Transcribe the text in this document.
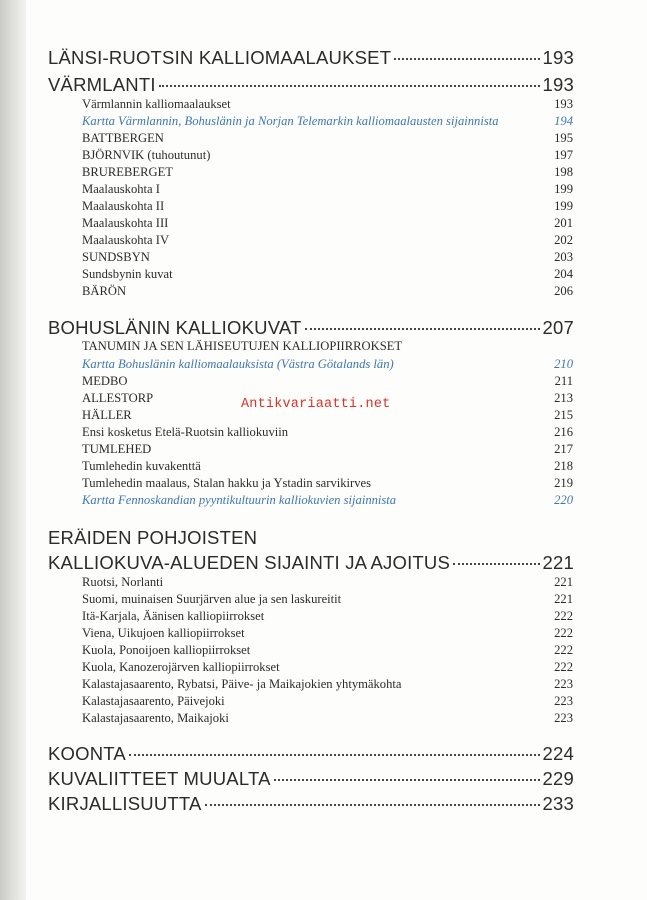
LÄNSI-RUOTSIN KALLIOMAALAUKSET	193
VÄRMLANTI	193
Värmlannin kalliomaalaukset	193
Kartta Värmlannin, Bohuslänin ja Norjan Telemarkin kalliomaalausten sijainnista	194
BATTBERGEN	195
BJÖRNVIK (tuhoutunut)	197
BRUREBERGET	198
Maalauskohta I	199
Maalauskohta II	199
Maalauskohta III	201
Maalauskohta IV	202
SUNDSBYN	203
Sundsbynin kuvat	204
BÄRÖN	206
BOHUSLÄNIN KALLIOKUVAT	207
TANUMIN JA SEN LÄHISEUTUJEN KALLIOPIIRROKSET
Kartta Bohuslänin kalliomaalauksista (Västra Götalands län)	210
MEDBO	211
ALLESTORP	213
HÄLLER	215
Ensi kosketus Etelä-Ruotsin kalliokuviin	216
TUMLEHED	217
Tumlehedin kuvakenttä	218
Tumlehedin maalaus, Stalan hakku ja Ystadin sarvikirves	219
Kartta Fennoskandian pyyntikultuurin kalliokuvien sijainnista	220
ERÄIDEN POHJOISTEN
KALLIOKUVA-ALUEDEN SIJAINTI JA AJOITUS	221
Ruotsi, Norlanti	221
Suomi, muinaisen Suurjärven alue ja sen laskureitit	221
Itä-Karjala, Äänisen kalliopiirrokset	222
Viena, Uikujoen kalliopiirrokset	222
Kuola, Ponoijoen kalliopiirrokset	222
Kuola, Kanozerojärven kalliopiirrokset	222
Kalastajasaarento, Rybatsi, Päive- ja Maikajokien yhtymäkohta	223
Kalastajasaarento, Päivejoki	223
Kalastajasaarento, Maikajoki	223
KOONTA	224
KUVALIITTEET MUUALTA	229
KIRJALLISUUTTA	233
Antikvariaatti.net
